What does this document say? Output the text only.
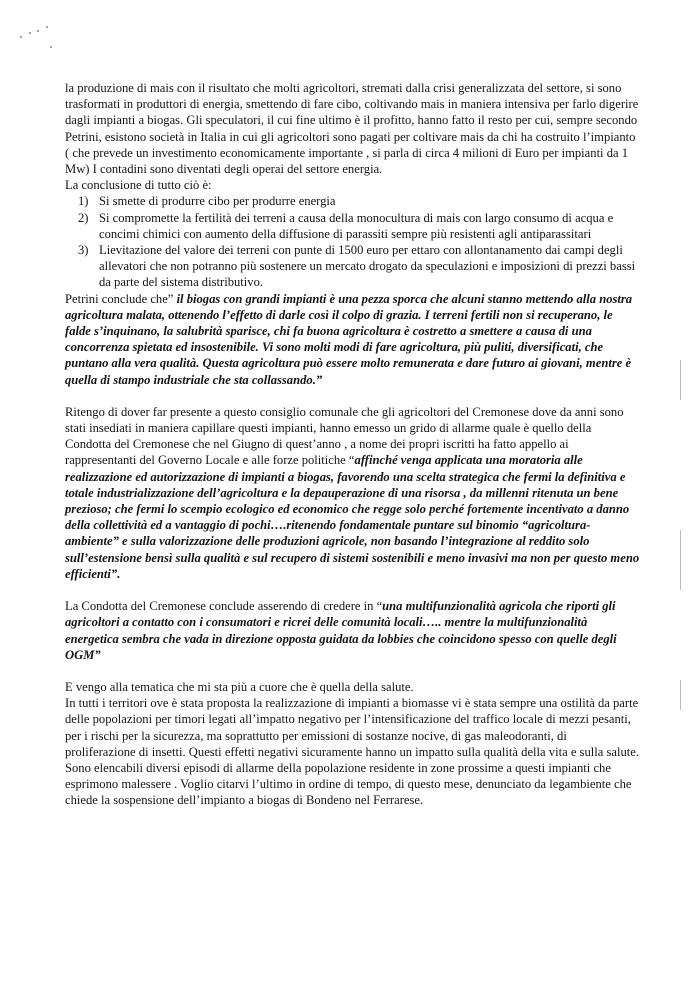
la produzione di mais con il risultato che molti agricoltori, stremati dalla crisi generalizzata del settore, si sono trasformati in produttori di energia, smettendo di fare cibo, coltivando mais in maniera intensiva per farlo digerire dagli impianti a biogas. Gli speculatori, il cui fine ultimo è il profitto, hanno fatto il resto per cui, sempre secondo Petrini, esistono società in Italia in cui gli agricoltori sono pagati per coltivare mais da chi ha costruito l’impianto ( che prevede un investimento economicamente importante , si parla di circa 4 milioni di Euro per impianti da 1 Mw) I contadini sono diventati degli operai del settore energia.

La conclusione di tutto ciò è:

1) Si smette di produrre cibo per produrre energia
2) Si compromette la fertilità dei terreni a causa della monocultura di mais con largo consumo di acqua e concimi chimici con aumento della diffusione di parassiti sempre più resistenti agli antiparassitari
3) Lievitazione del valore dei terreni con punte di 1500 euro per ettaro con allontanamento dai campi degli allevatori che non potranno più sostenere un mercato drogato da speculazioni e imposizioni di prezzi bassi da parte del sistema distributivo.

Petrini conclude che” il biogas con grandi impianti è una pezza sporca che alcuni stanno mettendo alla nostra agricoltura malata, ottenendo l’effetto di darle così il colpo di grazia. I terreni fertili non si recuperano, le falde s’inquinano, la salubrità sparisce, chi fa buona agricoltura è costretto a smettere a causa di una concorrenza spietata ed insostenibile. Vi sono molti modi di fare agricoltura, più puliti, diversificati, che puntano alla vera qualità. Questa agricoltura può essere molto remunerata e dare futuro ai giovani, mentre è quella di stampo industriale che sta collassando.”

Ritengo di dover far presente a questo consiglio comunale che gli agricoltori del Cremonese dove da anni sono stati insediati in maniera capillare questi impianti, hanno emesso un grido di allarme quale è quello della Condotta del Cremonese che nel Giugno di quest’anno , a nome dei propri iscritti ha fatto appello ai rappresentanti del Governo Locale e alle forze politiche “affinché venga applicata una moratoria alle realizzazione ed autorizzazione di impianti a biogas, favorendo una scelta strategica che fermi la definitiva e totale industrializzazione dell’agricoltura e la depauperazione di una risorsa , da millenni ritenuta un bene prezioso; che fermi lo scempio ecologico ed economico che regge solo perché fortemente incentivato a danno della collettività ed a vantaggio di pochi….ritenendo fondamentale puntare sul binomio “agricoltura-ambiente” e sulla valorizzazione delle produzioni agricole, non basando l’integrazione al reddito solo sull’estensione bensì sulla qualità e sul recupero di sistemi sostenibili e meno invasivi ma non per questo meno efficienti”.

La Condotta del Cremonese conclude asserendo di credere in “una multifunzionalità agricola che riporti gli agricoltori a contatto con i consumatori e ricrei delle comunità locali….. mentre la multifunzionalità energetica sembra che vada in direzione opposta guidata da lobbies che coincidono spesso con quelle degli OGM”

E vengo alla tematica che mi sta più a cuore che è quella della salute.

In tutti i territori ove è stata proposta la realizzazione di impianti a biomasse vi è stata sempre una ostilità da parte delle popolazioni per timori legati all’impatto negativo per l’intensificazione del traffico locale di mezzi pesanti, per i rischi per la sicurezza, ma soprattutto per emissioni di sostanze nocive, di gas maleodoranti, di proliferazione di insetti. Questi effetti negativi sicuramente hanno un impatto sulla qualità della vita e sulla salute.

Sono elencabili diversi episodi di allarme della popolazione residente in zone prossime a questi impianti che esprimono malessere . Voglio citarvi l’ultimo in ordine di tempo, di questo mese, denunciato da legambiente che chiede la sospensione dell’impianto a biogas di Bondeno nel Ferrarese.
